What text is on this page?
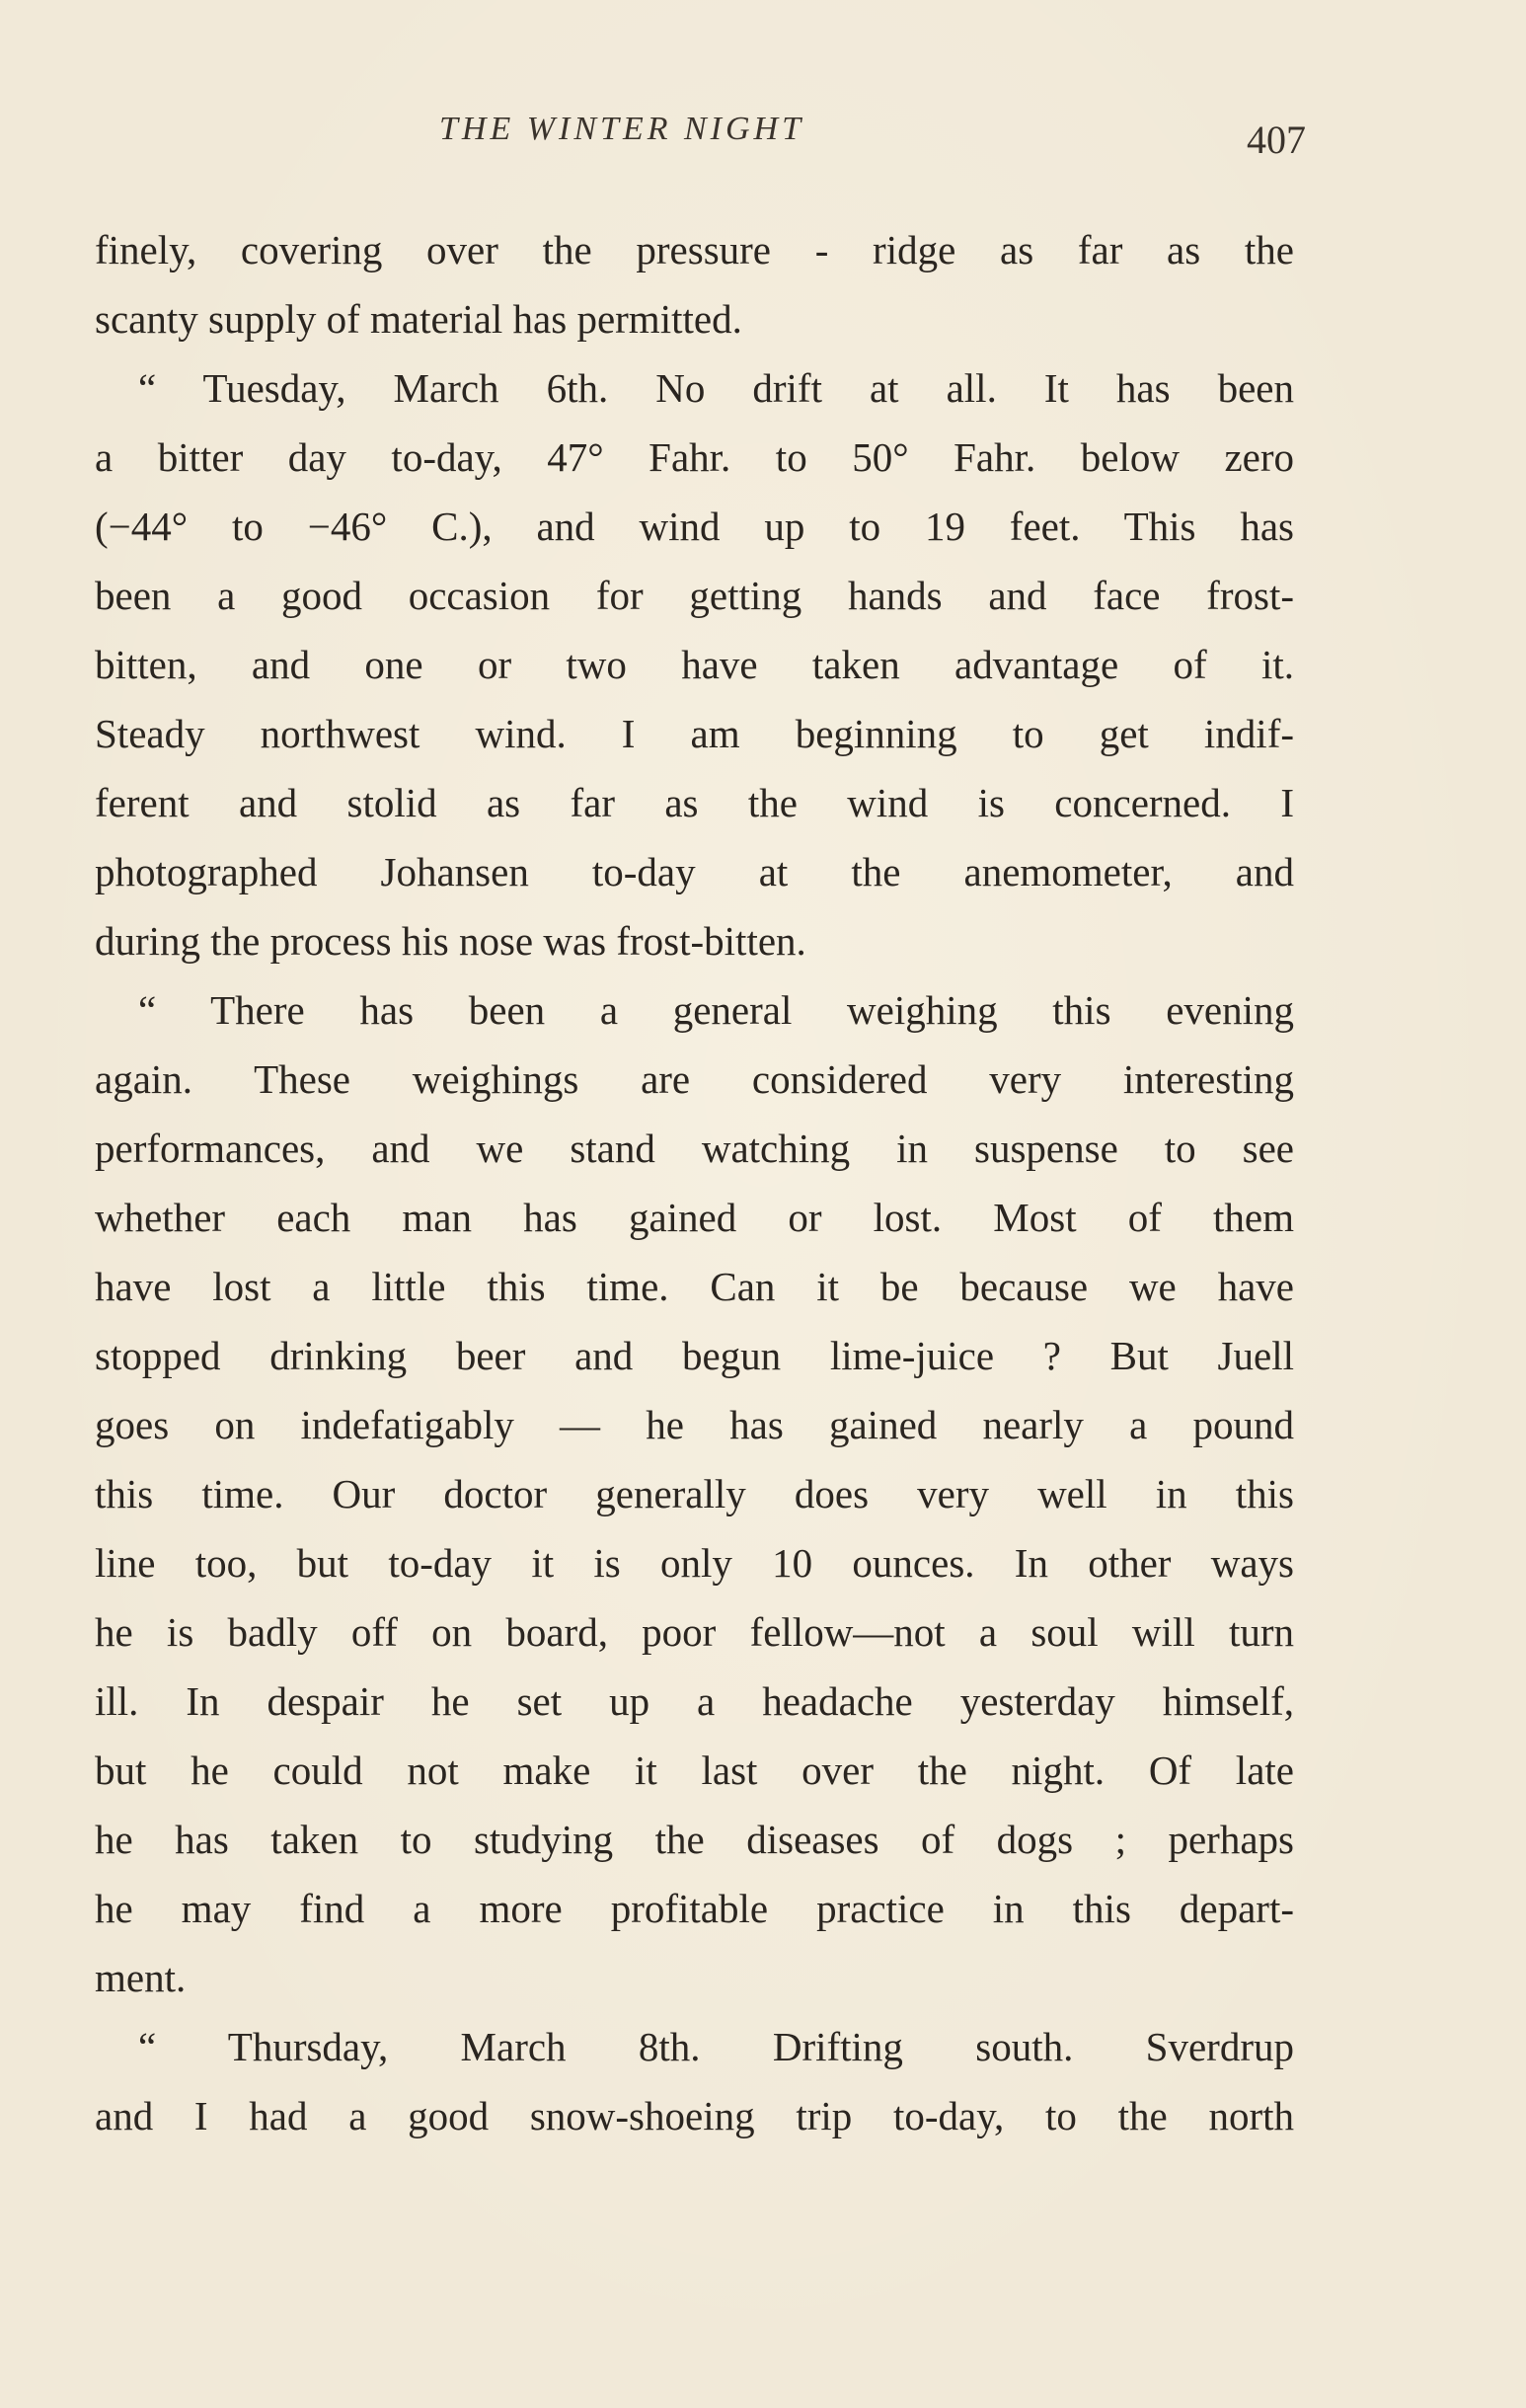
THE WINTER NIGHT	407
finely, covering over the pressure - ridge as far as the
scanty supply of material has permitted.
“ Tuesday, March 6th. No drift at all. It has been
a bitter day to-day, 47° Fahr. to 50° Fahr. below zero
(−44° to −46° C.), and wind up to 19 feet. This has
been a good occasion for getting hands and face frost-
bitten, and one or two have taken advantage of it.
Steady northwest wind. I am beginning to get indif-
ferent and stolid as far as the wind is concerned. I
photographed Johansen to-day at the anemometer, and
during the process his nose was frost-bitten.
“ There has been a general weighing this evening
again. These weighings are considered very interesting
performances, and we stand watching in suspense to see
whether each man has gained or lost. Most of them
have lost a little this time. Can it be because we have
stopped drinking beer and begun lime-juice ? But Juell
goes on indefatigably — he has gained nearly a pound
this time. Our doctor generally does very well in this
line too, but to-day it is only 10 ounces. In other ways
he is badly off on board, poor fellow—not a soul will turn
ill. In despair he set up a headache yesterday himself,
but he could not make it last over the night. Of late
he has taken to studying the diseases of dogs ; perhaps
he may find a more profitable practice in this depart-
ment.
“ Thursday, March 8th. Drifting south. Sverdrup
and I had a good snow-shoeing trip to-day, to the north
